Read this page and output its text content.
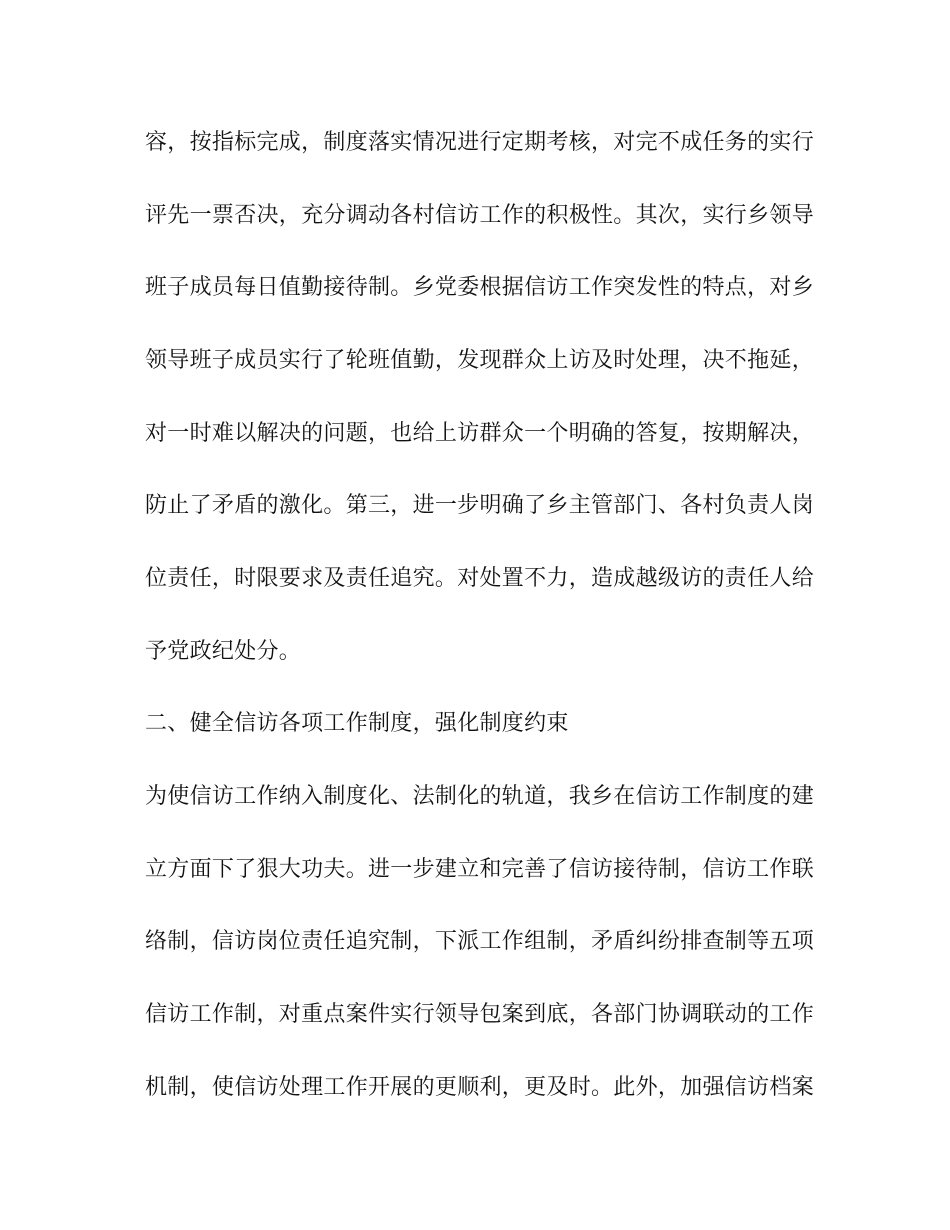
容，按指标完成，制度落实情况进行定期考核，对完不成任务的实行
评先一票否决，充分调动各村信访工作的积极性。其次，实行乡领导
班子成员每日值勤接待制。乡党委根据信访工作突发性的特点，对乡
领导班子成员实行了轮班值勤，发现群众上访及时处理，决不拖延，
对一时难以解决的问题，也给上访群众一个明确的答复，按期解决，
防止了矛盾的激化。第三，进一步明确了乡主管部门、各村负责人岗
位责任，时限要求及责任追究。对处置不力，造成越级访的责任人给
予党政纪处分。
二、健全信访各项工作制度，强化制度约束
为使信访工作纳入制度化、法制化的轨道，我乡在信访工作制度的建
立方面下了狠大功夫。进一步建立和完善了信访接待制，信访工作联
络制，信访岗位责任追究制，下派工作组制，矛盾纠纷排查制等五项
信访工作制，对重点案件实行领导包案到底，各部门协调联动的工作
机制，使信访处理工作开展的更顺利，更及时。此外，加强信访档案
